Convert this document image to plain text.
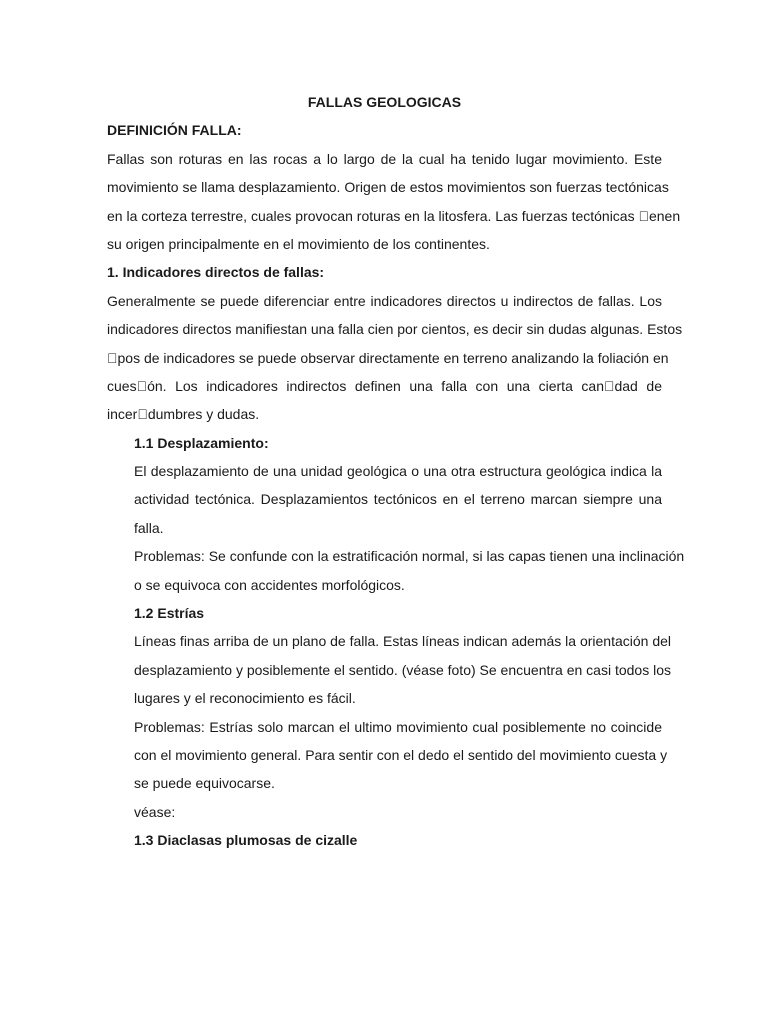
FALLAS GEOLOGICAS
DEFINICIÓN FALLA:
Fallas son roturas en las rocas a lo largo de la cual ha tenido lugar movimiento. Este
movimiento se llama desplazamiento. Origen de estos movimientos son fuerzas tectónicas
en la corteza terrestre, cuales provocan roturas en la litosfera. Las fuerzas tectónicas  enen
su origen principalmente en el movimiento de los continentes.
1. Indicadores directos de fallas:
Generalmente se puede diferenciar entre indicadores directos u indirectos de fallas. Los
indicadores directos manifiestan una falla cien por cientos, es decir sin dudas algunas. Estos
 pos de indicadores se puede observar directamente en terreno analizando la foliación en
cues ón. Los indicadores indirectos definen una falla con una cierta can dad de
incer dumbres y dudas.
1.1 Desplazamiento:
El desplazamiento de una unidad geológica o una otra estructura geológica indica la
actividad tectónica. Desplazamientos tectónicos en el terreno marcan siempre una
falla.
Problemas: Se confunde con la estratificación normal, si las capas tienen una inclinación
o se equivoca con accidentes morfológicos.
1.2 Estrías
Líneas finas arriba de un plano de falla. Estas líneas indican además la orientación del
desplazamiento y posiblemente el sentido. (véase foto) Se encuentra en casi todos los
lugares y el reconocimiento es fácil.
Problemas: Estrías solo marcan el ultimo movimiento cual posiblemente no coincide
con el movimiento general. Para sentir con el dedo el sentido del movimiento cuesta y
se puede equivocarse.
véase:
1.3 Diaclasas plumosas de cizalle
